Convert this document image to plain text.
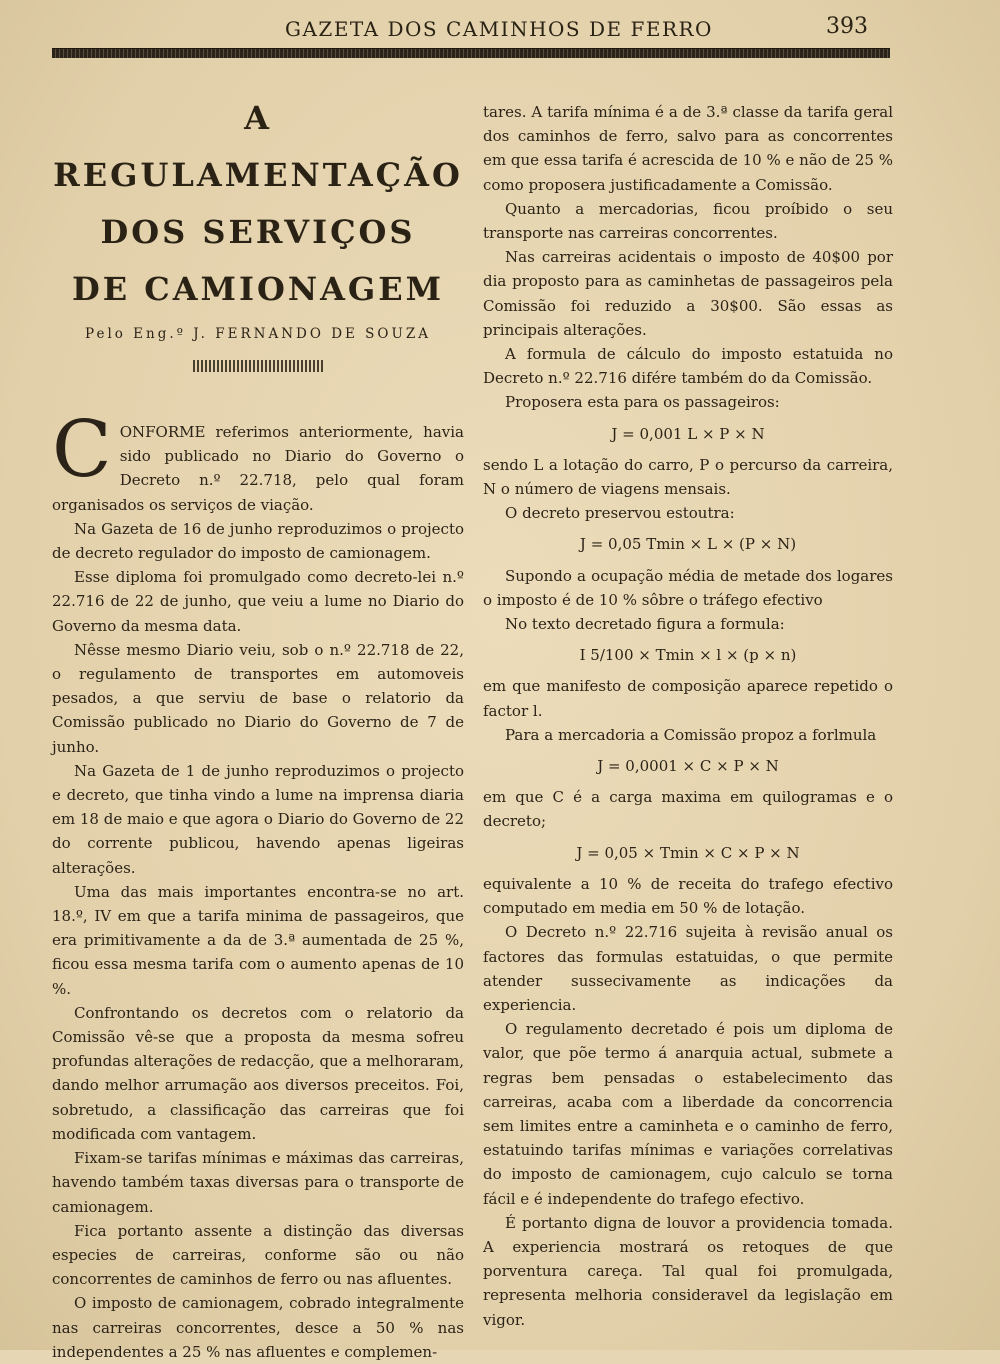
GAZETA DOS CAMINHOS DE FERRO	393
A REGULAMENTAÇÃO
DOS SERVIÇOS
DE CAMIONAGEM
Pelo Eng.º J. FERNANDO DE SOUZA

CONFORME referimos anteriormente, havia sido publicado no Diario do Governo o Decreto n.º 22.718, pelo qual foram organisados os serviços de viação.

Na Gazeta de 16 de junho reproduzimos o projecto de decreto regulador do imposto de camionagem.

Esse diploma foi promulgado como decreto-lei n.º 22.716 de 22 de junho, que veiu a lume no Diario do Governo da mesma data.

Nêsse mesmo Diario veiu, sob o n.º 22.718 de 22, o regulamento de transportes em automoveis pesados, a que serviu de base o relatorio da Comissão publicado no Diario do Governo de 7 de junho.

Na Gazeta de 1 de junho reproduzimos o projecto e decreto, que tinha vindo a lume na imprensa diaria em 18 de maio e que agora o Diario do Governo de 22 do corrente publicou, havendo apenas ligeiras alterações.

Uma das mais importantes encontra-se no art. 18.º, IV em que a tarifa minima de passageiros, que era primitivamente a da de 3.ª aumentada de 25 %, ficou essa mesma tarifa com o aumento apenas de 10 %.

Confrontando os decretos com o relatorio da Comissão vê-se que a proposta da mesma sofreu profundas alterações de redacção, que a melhoraram, dando melhor arrumação aos diversos preceitos. Foi, sobretudo, a classificação das carreiras que foi modificada com vantagem.

Fixam-se tarifas mínimas e máximas das carreiras, havendo também taxas diversas para o transporte de camionagem.

Fica portanto assente a distinção das diversas especies de carreiras, conforme são ou não concorrentes de caminhos de ferro ou nas afluentes.

O imposto de camionagem, cobrado integralmente nas carreiras concorrentes, desce a 50 % nas independentes a 25 % nas afluentes e complemen-

tares. A tarifa mínima é a de 3.ª classe da tarifa geral dos caminhos de ferro, salvo para as concorrentes em que essa tarifa é acrescida de 10 % e não de 25 % como proposera justificadamente a Comissão.

Quanto a mercadorias, ficou proíbido o seu transporte nas carreiras concorrentes.

Nas carreiras acidentais o imposto de 40$00 por dia proposto para as caminhetas de passageiros pela Comissão foi reduzido a 30$00. São essas as principais alterações.

A formula de cálculo do imposto estatuida no Decreto n.º 22.716 difére também do da Comissão.

Proposera esta para os passageiros:

J = 0,001 L × P × N

sendo L a lotação do carro, P o percurso da carreira, N o número de viagens mensais.

O decreto preservou estoutra:

J = 0,05 Tmin × L × (P × N)

Supondo a ocupação média de metade dos logares o imposto é de 10 % sôbre o tráfego efectivo

No texto decretado figura a formula:

I 5/100 × Tmin × l × (p × n)

em que manifesto de composição aparece repetido o factor l.

Para a mercadoria a Comissão propoz a forlmula

J = 0,0001 × C × P × N

em que C é a carga maxima em quilogramas e o decreto;

J = 0,05 × Tmin × C × P × N

equivalente a 10 % de receita do trafego efectivo computado em media em 50 % de lotação.

O Decreto n.º 22.716 sujeita à revisão anual os factores das formulas estatuidas, o que permite atender sussecivamente as indicações da experiencia.

O regulamento decretado é pois um diploma de valor, que põe termo á anarquia actual, submete a regras bem pensadas o estabelecimento das carreiras, acaba com a liberdade da concorrencia sem limites entre a caminheta e o caminho de ferro, estatuindo tarifas mínimas e variações correlativas do imposto de camionagem, cujo calculo se torna fácil e é independente do trafego efectivo.

É portanto digna de louvor a providencia tomada. A experiencia mostrará os retoques de que porventura careça. Tal qual foi promulgada, representa melhoria consideravel da legislação em vigor.
